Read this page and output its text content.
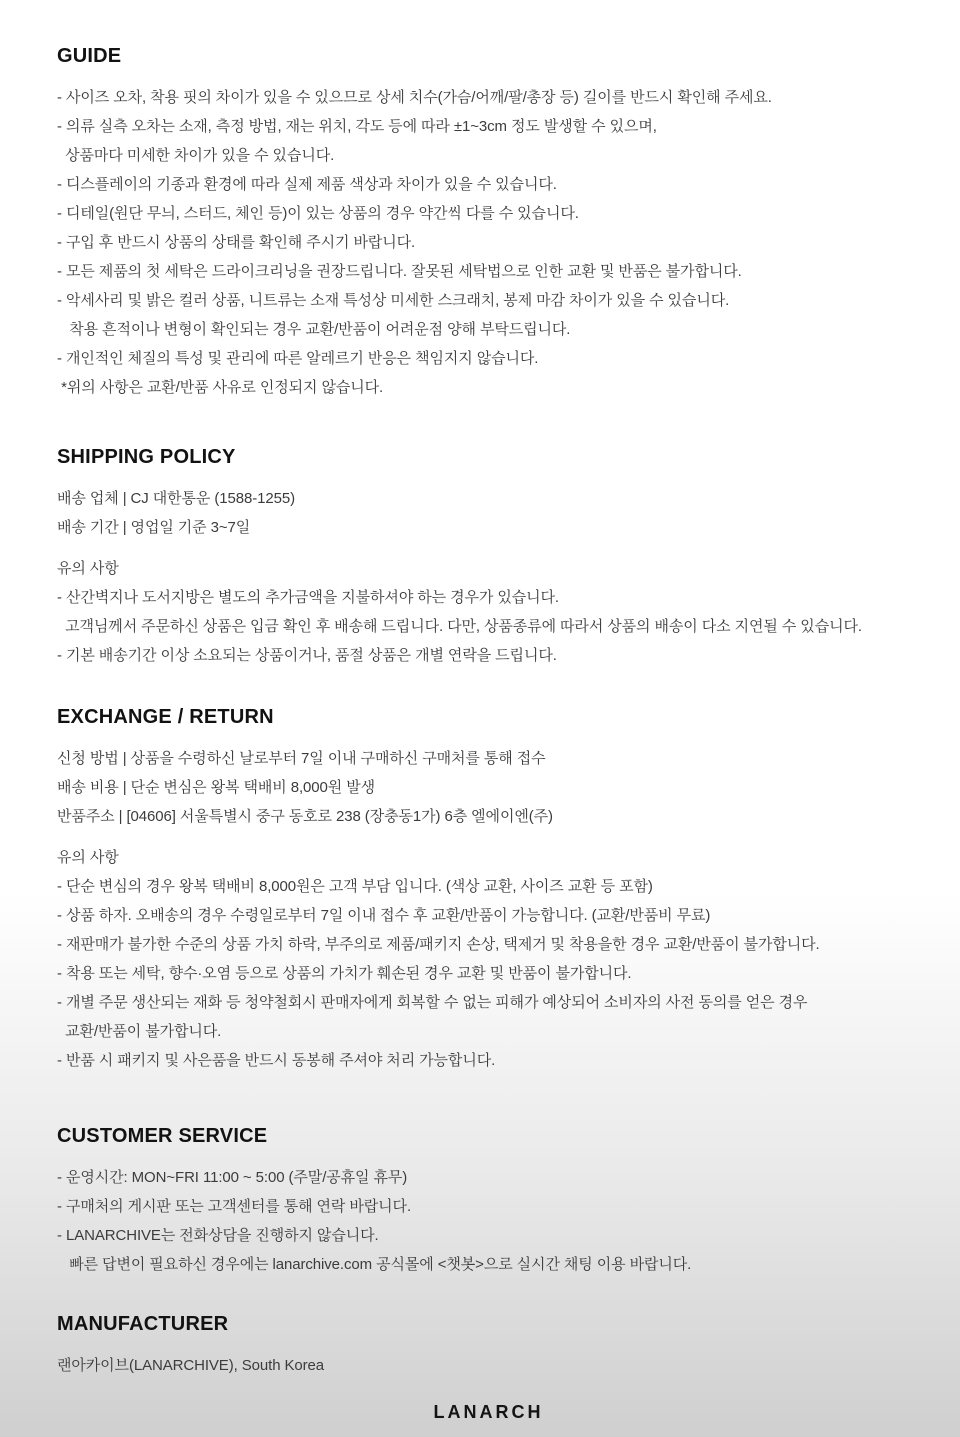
GUIDE

- 사이즈 오차, 착용 핏의 차이가 있을 수 있으므로 상세 치수(가슴/어깨/팔/총장 등) 길이를 반드시 확인해 주세요.

- 의류 실측 오차는 소재, 측정 방법, 재는 위치, 각도 등에 따라 ±1~3cm 정도 발생할 수 있으며,

상품마다 미세한 차이가 있을 수 있습니다.

- 디스플레이의 기종과 환경에 따라 실제 제품 색상과 차이가 있을 수 있습니다.

- 디테일(원단 무늬, 스터드, 체인 등)이 있는 상품의 경우 약간씩 다를 수 있습니다.

- 구입 후 반드시 상품의 상태를 확인해 주시기 바랍니다.

- 모든 제품의 첫 세탁은 드라이크리닝을 권장드립니다. 잘못된 세탁법으로 인한 교환 및 반품은 불가합니다.

- 악세사리 및 밝은 컬러 상품, 니트류는 소재 특성상 미세한 스크래치, 봉제 마감 차이가 있을 수 있습니다.

착용 흔적이나 변형이 확인되는 경우 교환/반품이 어려운점 양해 부탁드립니다.

- 개인적인 체질의 특성 및 관리에 따른 알레르기 반응은 책임지지 않습니다.

*위의 사항은 교환/반품 사유로 인정되지 않습니다.

SHIPPING POLICY

배송 업체 | CJ 대한통운 (1588-1255)

배송 기간 | 영업일 기준 3~7일

유의 사항

- 산간벽지나 도서지방은 별도의 추가금액을 지불하셔야 하는 경우가 있습니다.

고객님께서 주문하신 상품은 입금 확인 후 배송해 드립니다. 다만, 상품종류에 따라서 상품의 배송이 다소 지연될 수 있습니다.

- 기본 배송기간 이상 소요되는 상품이거나, 품절 상품은 개별 연락을 드립니다.

EXCHANGE / RETURN

신청 방법 | 상품을 수령하신 날로부터 7일 이내 구매하신 구매처를 통해 접수

배송 비용 | 단순 변심은 왕복 택배비 8,000원 발생

반품주소 | [04606] 서울특별시 중구 동호로 238 (장충동1가) 6층 엘에이엔(주)

유의 사항

- 단순 변심의 경우 왕복 택배비 8,000원은 고객 부담 입니다. (색상 교환, 사이즈 교환 등 포함)

- 상품 하자. 오배송의 경우 수령일로부터 7일 이내 접수 후 교환/반품이 가능합니다. (교환/반품비 무료)

- 재판매가 불가한 수준의 상품 가치 하락, 부주의로 제품/패키지 손상, 택제거 및 착용을한 경우 교환/반품이 불가합니다.

- 착용 또는 세탁, 향수·오염 등으로 상품의 가치가 훼손된 경우 교환 및 반품이 불가합니다.

- 개별 주문 생산되는 재화 등 청약철회시 판매자에게 회복할 수 없는 피해가 예상되어 소비자의 사전 동의를 얻은 경우

교환/반품이 불가합니다.

- 반품 시 패키지 및 사은품을 반드시 동봉해 주셔야 처리 가능합니다.

CUSTOMER SERVICE

- 운영시간: MON~FRI 11:00 ~ 5:00 (주말/공휴일 휴무)

- 구매처의 게시판 또는 고객센터를 통해 연락 바랍니다.

- LANARCHIVE는 전화상담을 진행하지 않습니다.

빠른 답변이 필요하신 경우에는 lanarchive.com 공식몰에 <챗봇>으로 실시간 채팅 이용 바랍니다.

MANUFACTURER

랜아카이브(LANARCHIVE), South Korea

LANARCH
